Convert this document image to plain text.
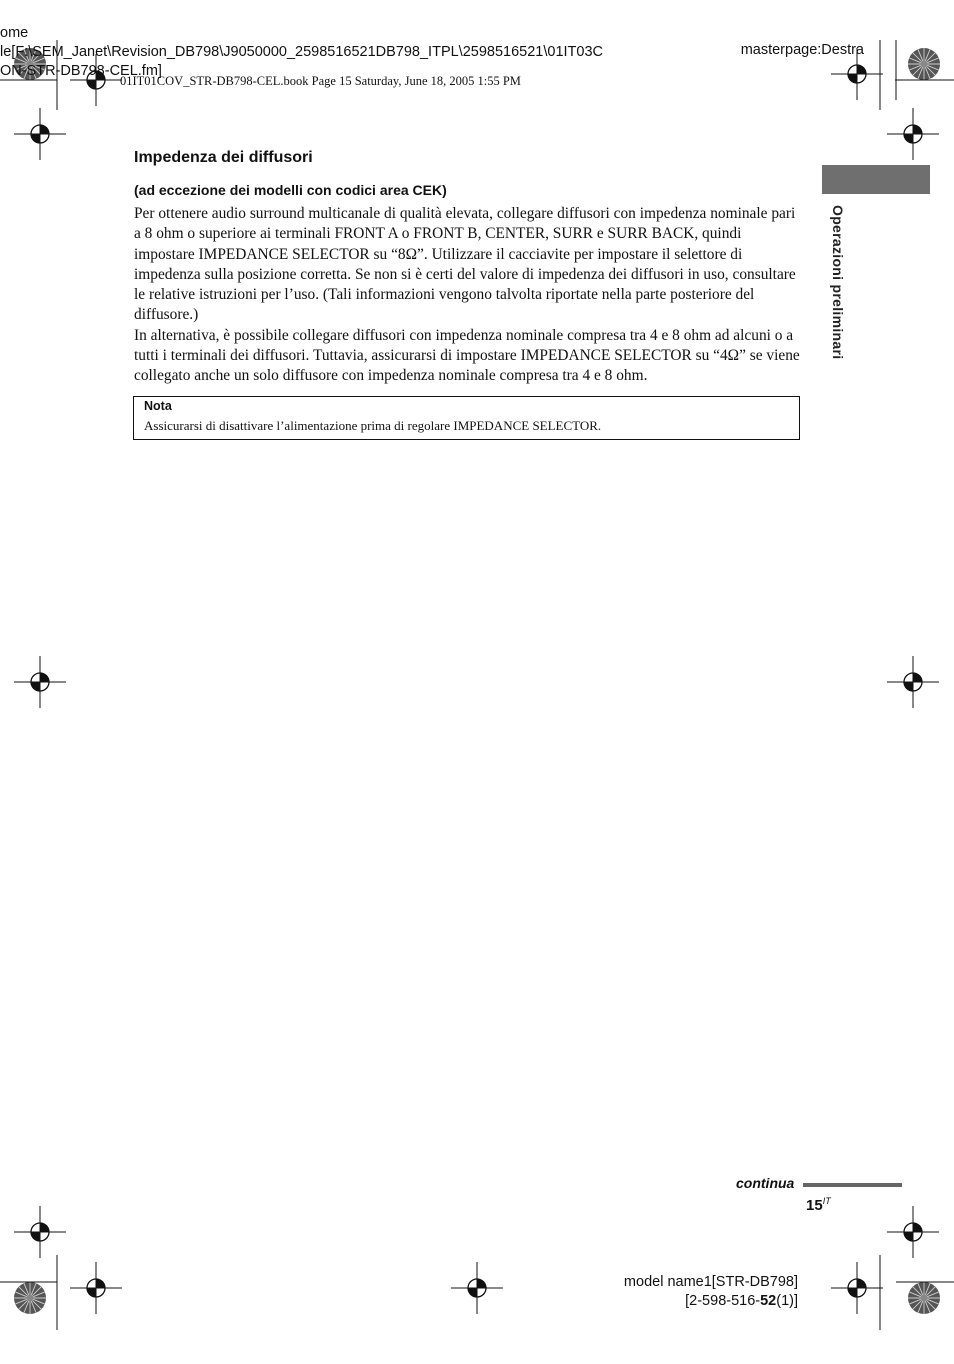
ome
le[F:\SEM_Janet\Revision_DB798\J9050000_2598516521DB798_ITPL\2598516521\01IT03C
ON-STR-DB798-CEL.fm]
masterpage:Destra
01IT01COV_STR-DB798-CEL.book Page 15 Saturday, June 18, 2005 1:55 PM
Operazioni preliminari
Impedenza dei diffusori
(ad eccezione dei modelli con codici area CEK)

Per ottenere audio surround multicanale di qualità elevata, collegare diffusori con impedenza nominale pari a 8 ohm o superiore ai terminali FRONT A o FRONT B, CENTER, SURR e SURR BACK, quindi impostare IMPEDANCE SELECTOR su “8Ω”. Utilizzare il cacciavite per impostare il selettore di impedenza sulla posizione corretta. Se non si è certi del valore di impedenza dei diffusori in uso, consultare le relative istruzioni per l’uso. (Tali informazioni vengono talvolta riportate nella parte posteriore del diffusore.)

In alternativa, è possibile collegare diffusori con impedenza nominale compresa tra 4 e 8 ohm ad alcuni o a tutti i terminali dei diffusori. Tuttavia, assicurarsi di impostare IMPEDANCE SELECTOR su “4Ω” se viene collegato anche un solo diffusore con impedenza nominale compresa tra 4 e 8 ohm.

Nota
Assicurarsi di disattivare l’alimentazione prima di regolare IMPEDANCE SELECTOR.
continua
$15^{IT}$
model name1[STR-DB798]
[2-598-516-52(1)]
